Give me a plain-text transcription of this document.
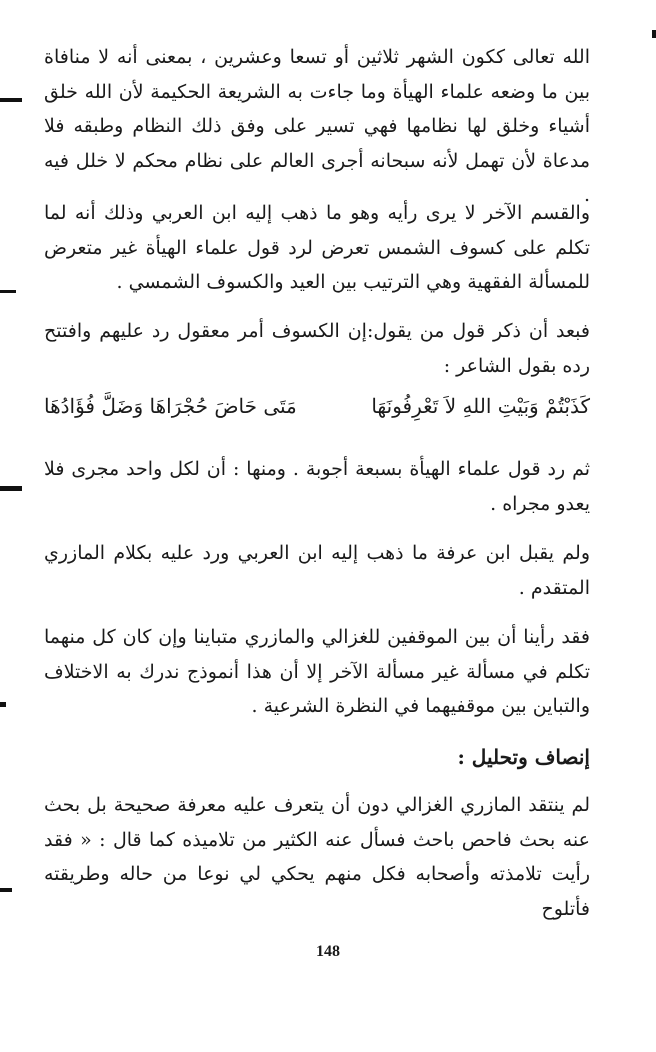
الله تعالى ككون الشهر ثلاثين أو تسعا وعشرين ، بمعنى أنه لا منافاة بين ما وضعه علماء الهيأة وما جاءت به الشريعة الحكيمة لأن الله خلق أشياء وخلق لها نظامها فهي تسير على وفق ذلك النظام وطبقه فلا مدعاة لأن تهمل لأنه سبحانه أجرى العالم على نظام محكم لا خلل فيه .

والقسم الآخر لا يرى رأيه وهو ما ذهب إليه ابن العربي وذلك أنه لما تكلم على كسوف الشمس تعرض لرد قول علماء الهيأة غير متعرض للمسألة الفقهية وهي الترتيب بين العيد والكسوف الشمسي .

فبعد أن ذكر قول من يقول:إن الكسوف أمر معقول رد عليهم وافتتح رده بقول الشاعر :

كَذَبْتُمْ وَبَيْتِ اللهِ لاَ تَعْرِفُونَهَا
مَتَى حَاضَ حُجْرَاهَا وَضَلَّ فُؤَادُهَا

ثم رد قول علماء الهيأة بسبعة أجوبة . ومنها : أن لكل واحد مجرى فلا يعدو مجراه .

ولم يقبل ابن عرفة ما ذهب إليه ابن العربي ورد عليه بكلام المازري المتقدم .

فقد رأينا أن بين الموقفين للغزالي والمازري متباينا وإن كان كل منهما تكلم في مسألة غير مسألة الآخر إلا أن هذا أنموذج ندرك به الاختلاف والتباين بين موقفيهما في النظرة الشرعية .

إنصاف وتحليل :

لم ينتقد المازري الغزالي دون أن يتعرف عليه معرفة صحيحة بل بحث عنه بحث فاحص باحث فسأل عنه الكثير من تلاميذه كما قال : « فقد رأيت تلامذته وأصحابه فكل منهم يحكي لي نوعا من حاله وطريقته فأتلوح

148
